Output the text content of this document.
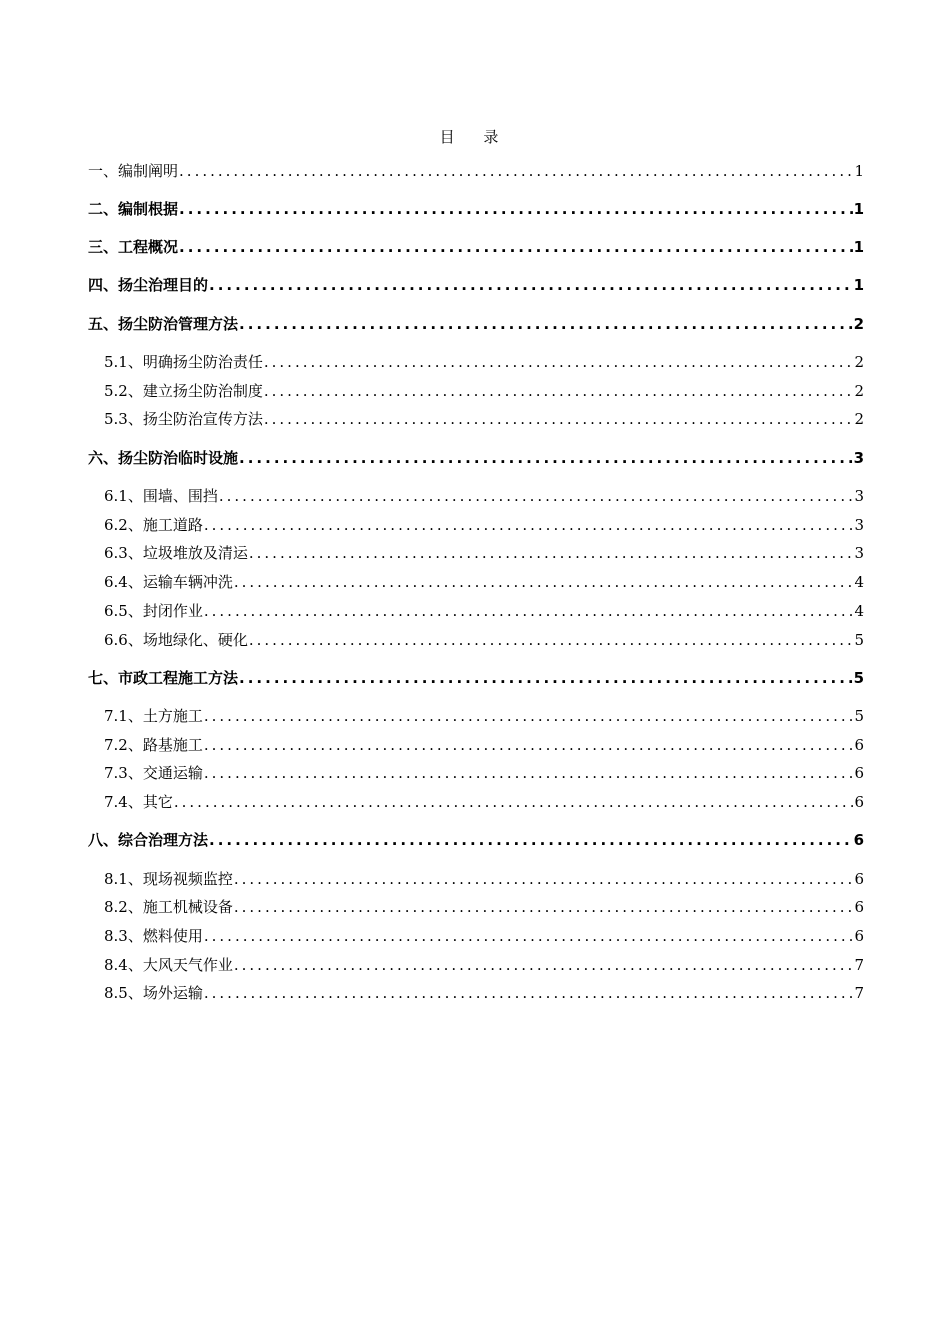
目 录
一、 编制阐明 .....	1
二、 编制根据 .....	1
三、 工程概况 .....	1
四、 扬尘治理目的 .....	1
五、 扬尘防治管理方法 .....	2
5.1、 明确扬尘防治责任 .....	2
5.2、 建立扬尘防治制度 .....	2
5.3、 扬尘防治宣传方法 .....	2
六、 扬尘防治临时设施 .....	3
6.1、 围墙、围挡 .....	3
6.2、 施工道路 .....	3
6.3、 垃圾堆放及清运 .....	3
6.4、 运输车辆冲洗 .....	4
6.5、 封闭作业 .....	4
6.6、 场地绿化、硬化 .....	5
七、 市政工程施工方法 .....	5
7.1、 土方施工 .....	5
7.2、 路基施工 .....	6
7.3、 交通运输 .....	6
7.4、 其它 .....	6
八、 综合治理方法 .....	6
8.1、 现场视频监控 .....	6
8.2、 施工机械设备 .....	6
8.3、 燃料使用 .....	6
8.4、 大风天气作业 .....	7
8.5、 场外运输 .....	7
